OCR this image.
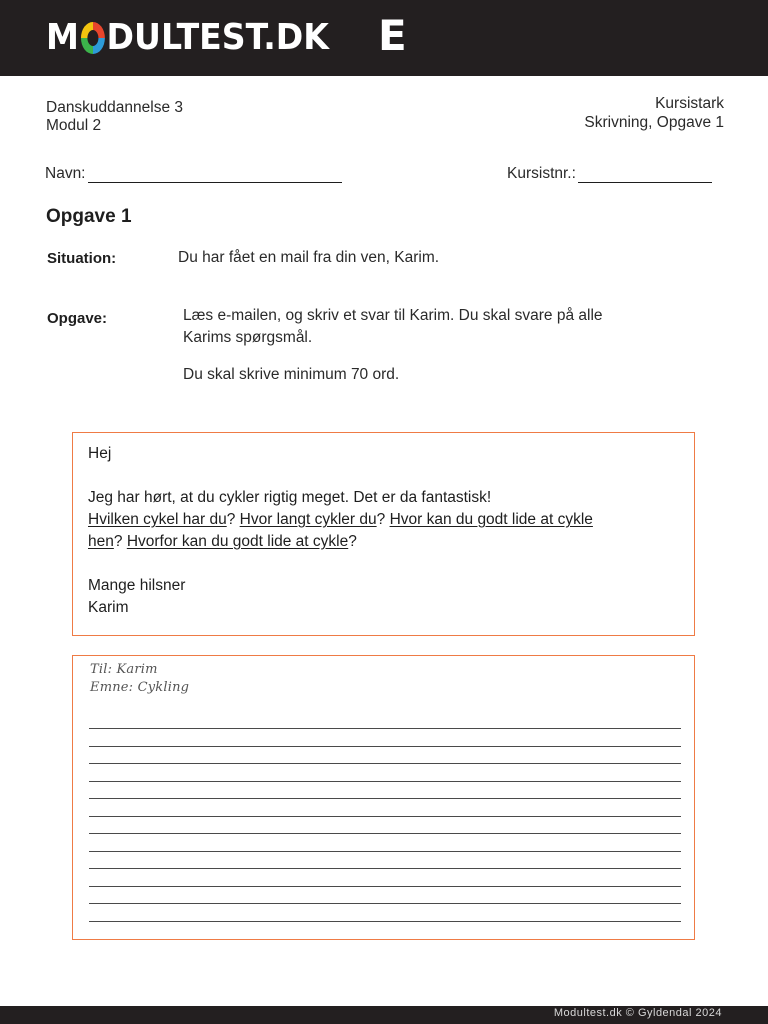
M DULTEST.DK E
Danskuddannelse 3
Modul 2
Kursistark
Skrivning, Opgave 1
Navn:	Kursistnr.:
Opgave 1
Situation:	Du har fået en mail fra din ven, Karim.
Opgave:	Læs e-mailen, og skriv et svar til Karim. Du skal svare på alle
Karims spørgsmål.
Du skal skrive minimum 70 ord.

Hej

Jeg har hørt, at du cykler rigtig meget. Det er da fantastisk!

Hvilken cykel har du? Hvor langt cykler du? Hvor kan du godt lide at cykle
hen? Hvorfor kan du godt lide at cykle?

Mange hilsner

Karim

Til: Karim
Emne: Cykling
Modultest.dk © Gyldendal 2024
